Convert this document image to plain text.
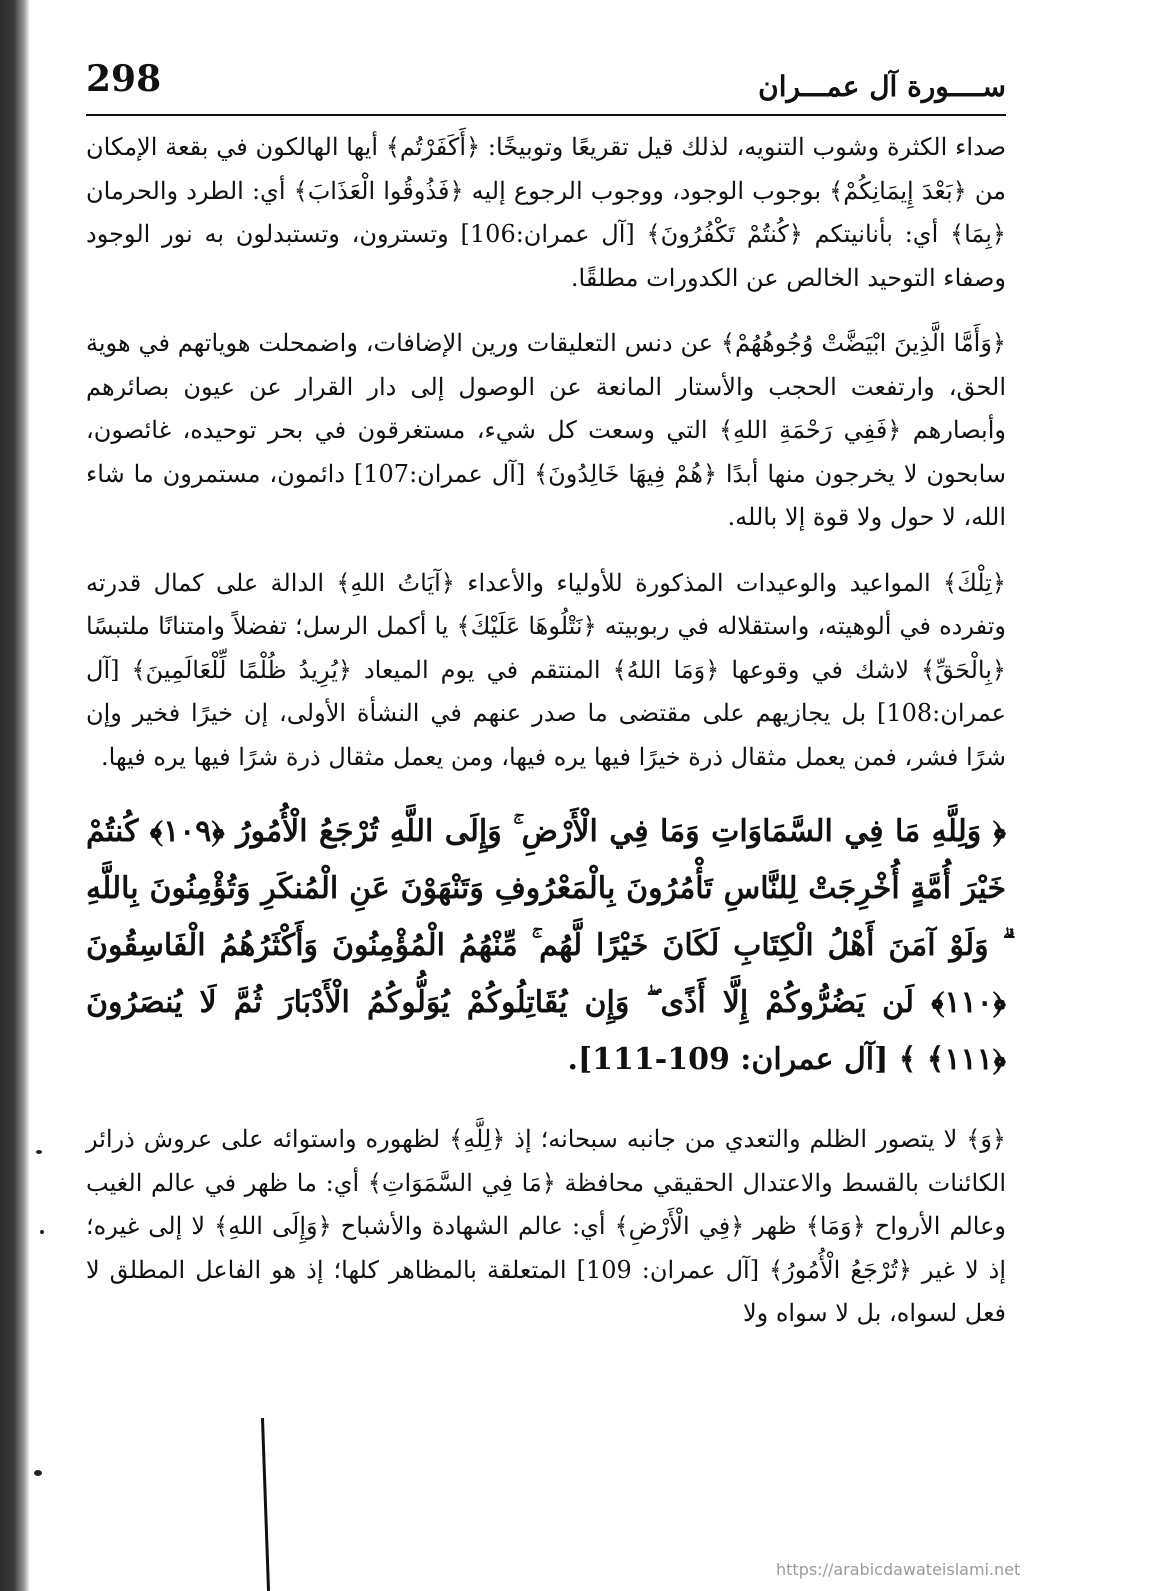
298	ســــورة آل عمـــران

صداء الكثرة وشوب التنويه، لذلك قيل تقريعًا وتوبيخًا: ﴿أَكَفَرْتُم﴾ أيها الهالكون في بقعة الإمكان من ﴿بَعْدَ إِيمَانِكُمْ﴾ بوجوب الوجود، ووجوب الرجوع إليه ﴿فَذُوقُوا الْعَذَابَ﴾ أي: الطرد والحرمان ﴿بِمَا﴾ أي: بأنانيتكم ﴿كُنتُمْ تَكْفُرُونَ﴾ [آل عمران:106] وتسترون، وتستبدلون به نور الوجود وصفاء التوحيد الخالص عن الكدورات مطلقًا.

﴿وَأَمَّا الَّذِينَ ابْيَضَّتْ وُجُوهُهُمْ﴾ عن دنس التعليقات ورين الإضافات، واضمحلت هوياتهم في هوية الحق، وارتفعت الحجب والأستار المانعة عن الوصول إلى دار القرار عن عيون بصائرهم وأبصارهم ﴿فَفِي رَحْمَةِ اللهِ﴾ التي وسعت كل شيء، مستغرقون في بحر توحيده، غائصون، سابحون لا يخرجون منها أبدًا ﴿هُمْ فِيهَا خَالِدُونَ﴾ [آل عمران:107] دائمون، مستمرون ما شاء الله، لا حول ولا قوة إلا بالله.

﴿تِلْكَ﴾ المواعيد والوعيدات المذكورة للأولياء والأعداء ﴿آيَاتُ اللهِ﴾ الدالة على كمال قدرته وتفرده في ألوهيته، واستقلاله في ربوبيته ﴿نَتْلُوهَا عَلَيْكَ﴾ يا أكمل الرسل؛ تفضلاً وامتنانًا ملتبسًا ﴿بِالْحَقِّ﴾ لاشك في وقوعها ﴿وَمَا اللهُ﴾ المنتقم في يوم الميعاد ﴿يُرِيدُ ظُلْمًا لِّلْعَالَمِينَ﴾ [آل عمران:108] بل يجازيهم على مقتضى ما صدر عنهم في النشأة الأولى، إن خيرًا فخير وإن شرًا فشر، فمن يعمل مثقال ذرة خيرًا فيها يره فيها، ومن يعمل مثقال ذرة شرًا فيها يره فيها.

﴿ وَلِلَّهِ مَا فِي السَّمَاوَاتِ وَمَا فِي الْأَرْضِ ۚ وَإِلَى اللَّهِ تُرْجَعُ الْأُمُورُ ﴿١٠٩﴾ كُنتُمْ خَيْرَ أُمَّةٍ أُخْرِجَتْ لِلنَّاسِ تَأْمُرُونَ بِالْمَعْرُوفِ وَتَنْهَوْنَ عَنِ الْمُنكَرِ وَتُؤْمِنُونَ بِاللَّهِ ۗ وَلَوْ آمَنَ أَهْلُ الْكِتَابِ لَكَانَ خَيْرًا لَّهُم ۚ مِّنْهُمُ الْمُؤْمِنُونَ وَأَكْثَرُهُمُ الْفَاسِقُونَ ﴿١١٠﴾ لَن يَضُرُّوكُمْ إِلَّا أَذًى ۖ وَإِن يُقَاتِلُوكُمْ يُوَلُّوكُمُ الْأَدْبَارَ ثُمَّ لَا يُنصَرُونَ ﴿١١١﴾ ﴾ [آل عمران: 109-111].

﴿وَ﴾ لا يتصور الظلم والتعدي من جانبه سبحانه؛ إذ ﴿لِلَّهِ﴾ لظهوره واستوائه على عروش ذرائر الكائنات بالقسط والاعتدال الحقيقي محافظة ﴿مَا فِي السَّمَوَاتِ﴾ أي: ما ظهر في عالم الغيب وعالم الأرواح ﴿وَمَا﴾ ظهر ﴿فِي الْأَرْضِ﴾ أي: عالم الشهادة والأشباح ﴿وَإِلَى اللهِ﴾ لا إلى غيره؛ إذ لا غير ﴿تُرْجَعُ الْأُمُورُ﴾ [آل عمران: 109] المتعلقة بالمظاهر كلها؛ إذ هو الفاعل المطلق لا فعل لسواه، بل لا سواه ولا

https://arabicdawateislami.net
